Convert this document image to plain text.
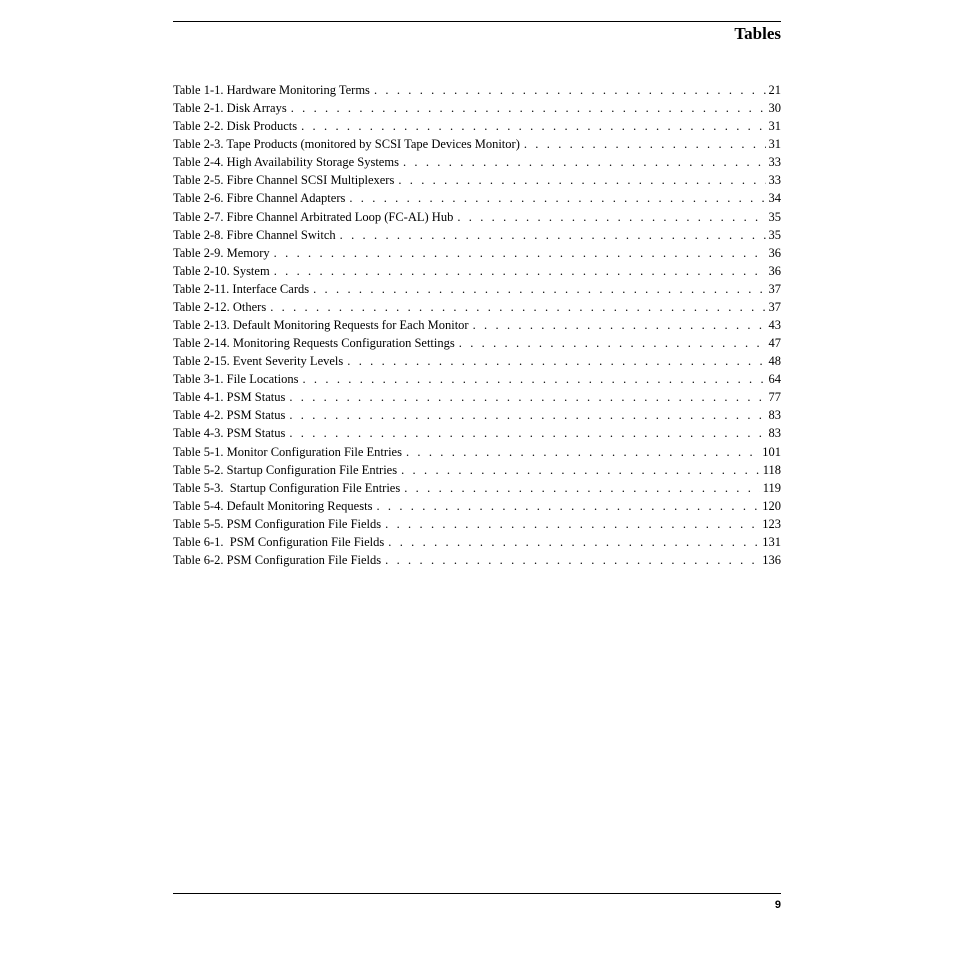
Tables
Table 1-1. Hardware Monitoring Terms . . .	21
Table 2-1. Disk Arrays . . .	30
Table 2-2. Disk Products . . .	31
Table 2-3. Tape Products (monitored by SCSI Tape Devices Monitor) . . .	31
Table 2-4. High Availability Storage Systems . . .	33
Table 2-5. Fibre Channel SCSI Multiplexers . . .	33
Table 2-6. Fibre Channel Adapters . . .	34
Table 2-7. Fibre Channel Arbitrated Loop (FC-AL) Hub . . .	35
Table 2-8. Fibre Channel Switch . . .	35
Table 2-9. Memory . . .	36
Table 2-10. System . . .	36
Table 2-11. Interface Cards . . .	37
Table 2-12. Others . . .	37
Table 2-13. Default Monitoring Requests for Each Monitor . . .	43
Table 2-14. Monitoring Requests Configuration Settings . . .	47
Table 2-15. Event Severity Levels . . .	48
Table 3-1. File Locations . . .	64
Table 4-1. PSM Status . . .	77
Table 4-2. PSM Status . . .	83
Table 4-3. PSM Status . . .	83
Table 5-1. Monitor Configuration File Entries . . .	101
Table 5-2. Startup Configuration File Entries . . .	118
Table 5-3.  Startup Configuration File Entries . . .	119
Table 5-4. Default Monitoring Requests . . .	120
Table 5-5. PSM Configuration File Fields . . .	123
Table 6-1.  PSM Configuration File Fields . . .	131
Table 6-2. PSM Configuration File Fields . . .	136
9
